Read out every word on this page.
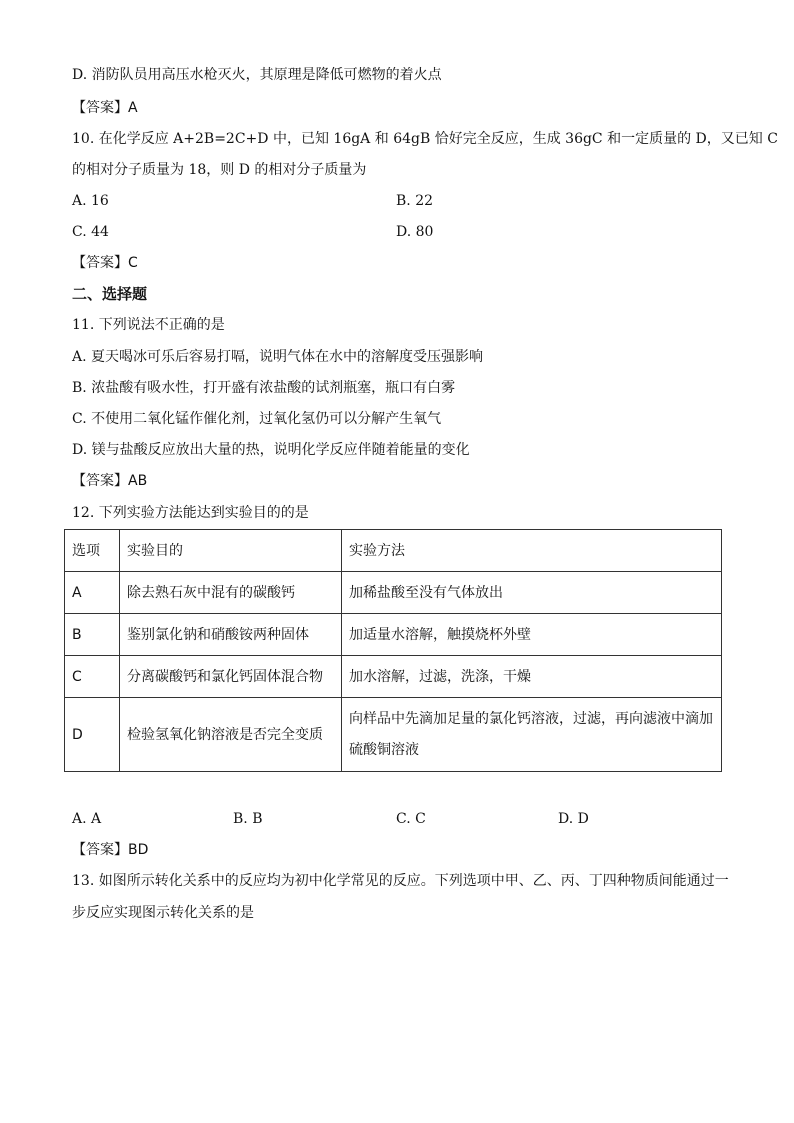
D. 消防队员用高压水枪灭火，其原理是降低可燃物的着火点
【答案】A
10. 在化学反应 A+2B=2C+D 中，已知 16gA 和 64gB 恰好完全反应，生成 36gC 和一定质量的 D，又已知 C
的相对分子质量为 18，则 D 的相对分子质量为
A. 16	B. 22
C. 44	D. 80
【答案】C
二、选择题
11. 下列说法不正确的是
A. 夏天喝冰可乐后容易打嗝，说明气体在水中的溶解度受压强影响
B. 浓盐酸有吸水性，打开盛有浓盐酸的试剂瓶塞，瓶口有白雾
C. 不使用二氧化锰作催化剂，过氧化氢仍可以分解产生氧气
D. 镁与盐酸反应放出大量的热，说明化学反应伴随着能量的变化
【答案】AB
12. 下列实验方法能达到实验目的的是
选项	实验目的	实验方法
A	除去熟石灰中混有的碳酸钙	加稀盐酸至没有气体放出
B	鉴别氯化钠和硝酸铵两种固体	加适量水溶解，触摸烧杯外壁
C	分离碳酸钙和氯化钙固体混合物	加水溶解，过滤，洗涤，干燥
D	检验氢氧化钠溶液是否完全变质	向样品中先滴加足量的氯化钙溶液，过滤，再向滤液中滴加硫酸铜溶液
A. A	B. B	C. C	D. D
【答案】BD
13. 如图所示转化关系中的反应均为初中化学常见的反应。下列选项中甲、乙、丙、丁四种物质间能通过一
步反应实现图示转化关系的是
